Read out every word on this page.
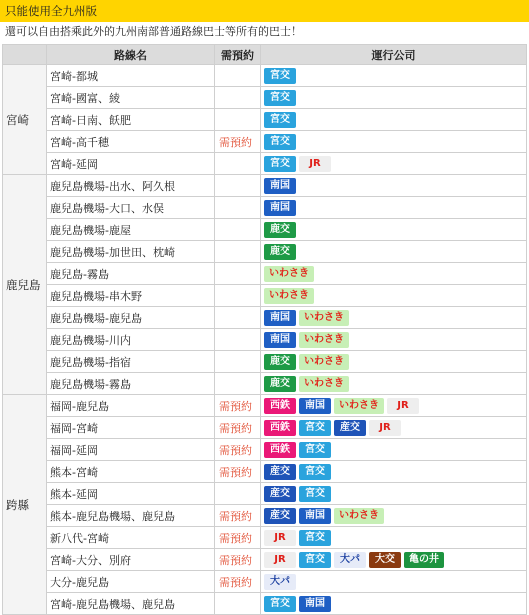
只能使用全九州版
還可以自由搭乘此外的九州南部普通路線巴士等所有的巴士！
	路線名	需預約	運行公司
宮崎	宮崎-都城		宮交
	宮崎-國富、綾		宮交
	宮崎-日南、飫肥		宮交
	宮崎-高千穂	需預約	宮交
	宮崎-延岡		宮交 JR
鹿兒島	鹿兒島機場-出水、阿久根		南国
	鹿兒島機場-大口、水俣		南国
	鹿兒島機場-鹿屋		鹿交
	鹿兒島機場-加世田、枕崎		鹿交
	鹿兒島-霧島		いわさき
	鹿兒島機場-串木野		いわさき
	鹿兒島機場-鹿兒島		南国 いわさき
	鹿兒島機場-川内		南国 いわさき
	鹿兒島機場-指宿		鹿交 いわさき
	鹿兒島機場-霧島		鹿交 いわさき
跨縣	福岡-鹿兒島	需預約	西鉄 南国 いわさき JR
	福岡-宮崎	需預約	西鉄 宮交 産交 JR
	福岡-延岡	需預約	西鉄 宮交
	熊本-宮崎	需預約	産交 宮交
	熊本-延岡		産交 宮交
	熊本-鹿兒島機場、鹿兒島	需預約	産交 南国 いわさき
	新八代-宮崎	需預約	JR 宮交
	宮崎-大分、別府	需預約	JR 宮交 大パ 大交 亀の井
	大分-鹿兒島	需預約	大パ
	宮崎-鹿兒島機場、鹿兒島		宮交 南国
